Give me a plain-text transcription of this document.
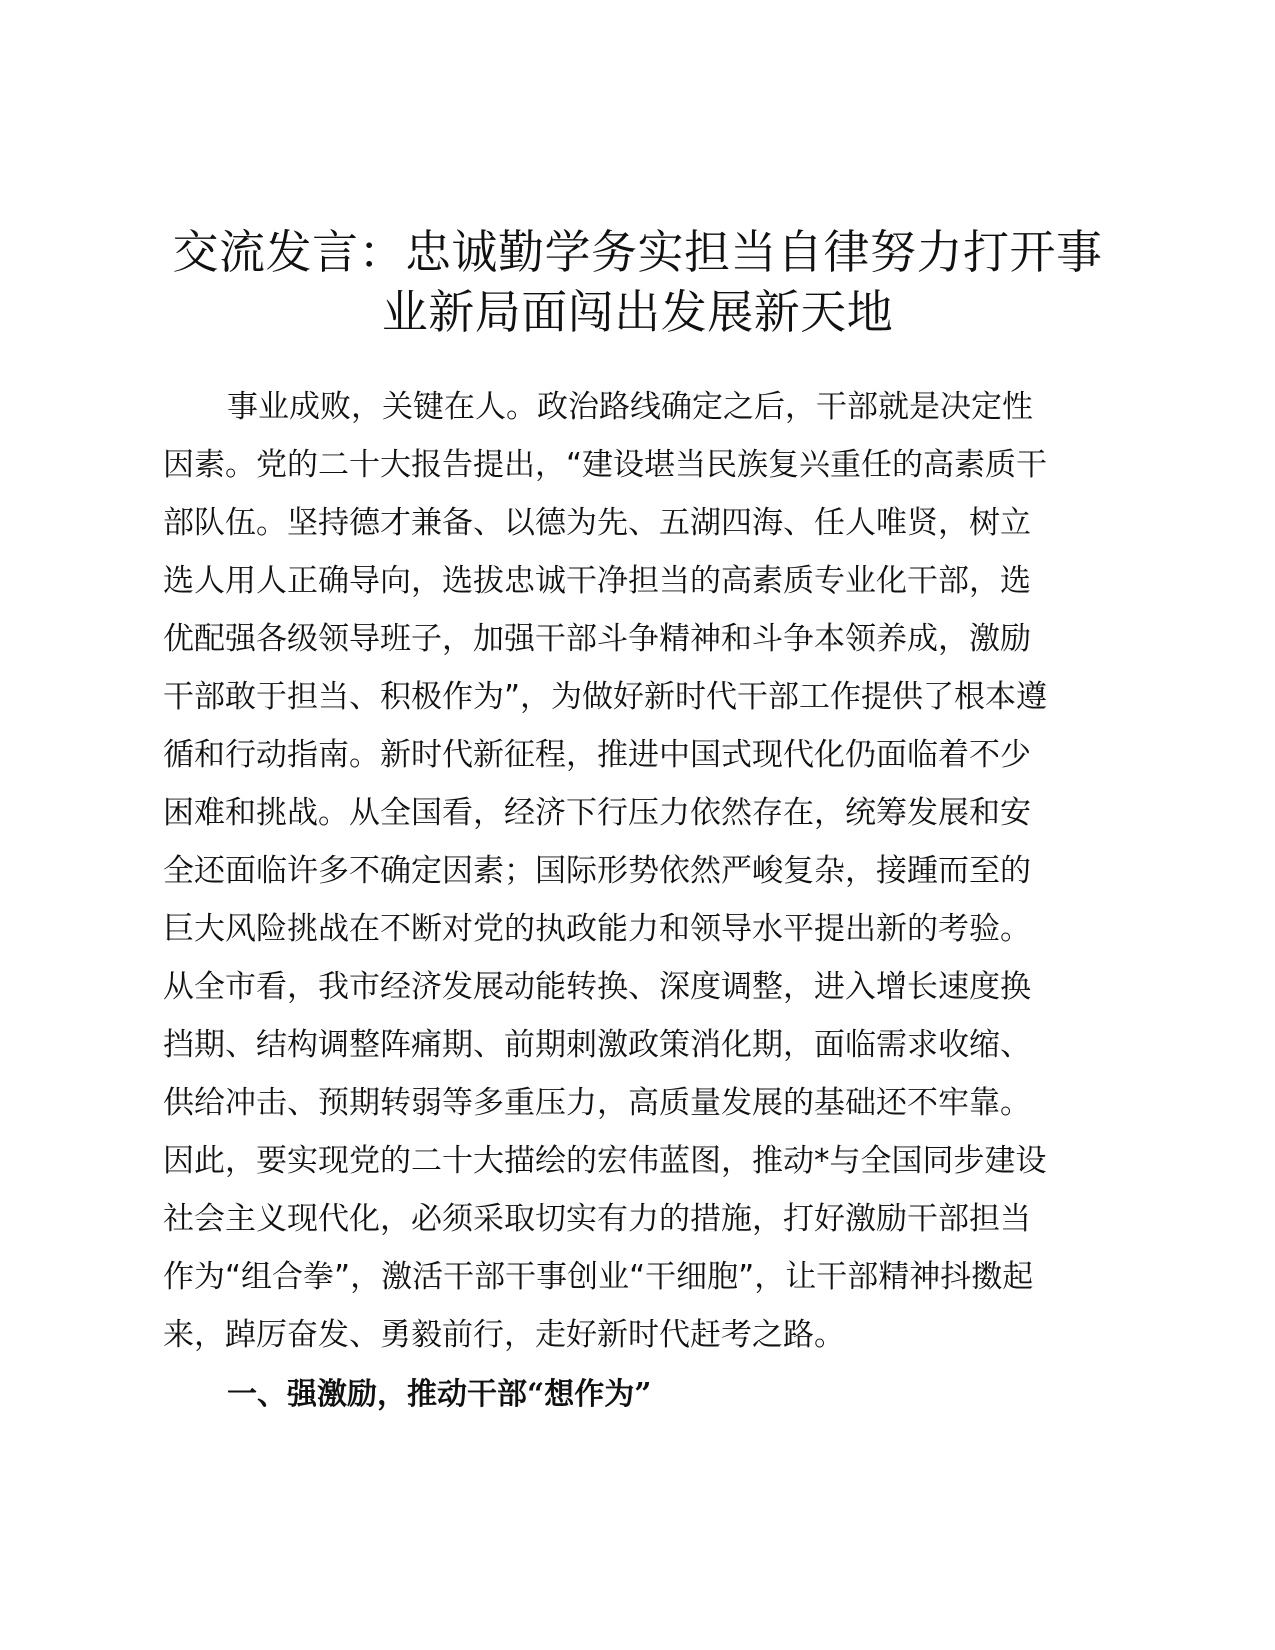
交流发言：忠诚勤学务实担当自律努力打开事
业新局面闯出发展新天地
事业成败，关键在人。政治路线确定之后，干部就是决定性
因素。党的二十大报告提出，“建设堪当民族复兴重任的高素质干
部队伍。坚持德才兼备、以德为先、五湖四海、任人唯贤，树立
选人用人正确导向，选拔忠诚干净担当的高素质专业化干部，选
优配强各级领导班子，加强干部斗争精神和斗争本领养成，激励
干部敢于担当、积极作为”，为做好新时代干部工作提供了根本遵
循和行动指南。新时代新征程，推进中国式现代化仍面临着不少
困难和挑战。从全国看，经济下行压力依然存在，统筹发展和安
全还面临许多不确定因素；国际形势依然严峻复杂，接踵而至的
巨大风险挑战在不断对党的执政能力和领导水平提出新的考验。
从全市看，我市经济发展动能转换、深度调整，进入增长速度换
挡期、结构调整阵痛期、前期刺激政策消化期，面临需求收缩、
供给冲击、预期转弱等多重压力，高质量发展的基础还不牢靠。
因此，要实现党的二十大描绘的宏伟蓝图，推动*与全国同步建设
社会主义现代化，必须采取切实有力的措施，打好激励干部担当
作为“组合拳”，激活干部干事创业“干细胞”，让干部精神抖擞起
来，踔厉奋发、勇毅前行，走好新时代赶考之路。
一、强激励，推动干部“想作为”
